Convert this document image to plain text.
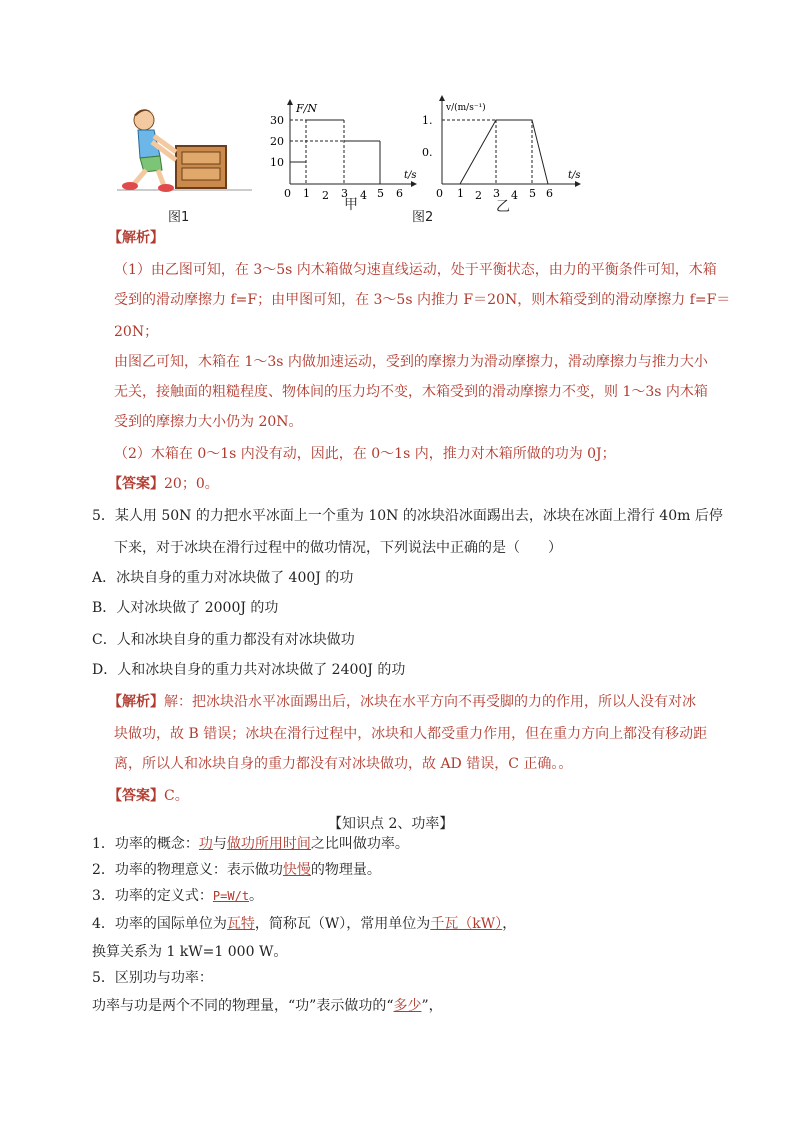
图1
F/N
t/s
30
20
10
0 1 2 3 4 5 6
甲
图2
v/(m/s⁻¹)
t/s
1.
0.
0 1 2 3 4 5 6
乙
【解析】
（1）由乙图可知，在 3～5s 内木箱做匀速直线运动，处于平衡状态，由力的平衡条件可知，木箱
受到的滑动摩擦力 f=F；由甲图可知，在 3～5s 内推力 F＝20N，则木箱受到的滑动摩擦力 f=F＝
20N；
由图乙可知，木箱在 1～3s 内做加速运动，受到的摩擦力为滑动摩擦力，滑动摩擦力与推力大小
无关，接触面的粗糙程度、物体间的压力均不变，木箱受到的滑动摩擦力不变，则 1～3s 内木箱
受到的摩擦力大小仍为 20N。
（2）木箱在 0～1s 内没有动，因此，在 0～1s 内，推力对木箱所做的功为 0J；
【答案】20；0。
5．某人用 50N 的力把水平冰面上一个重为 10N 的冰块沿冰面踢出去，冰块在冰面上滑行 40m 后停
下来，对于冰块在滑行过程中的做功情况，下列说法中正确的是（　　）
A．冰块自身的重力对冰块做了 400J 的功
B．人对冰块做了 2000J 的功
C．人和冰块自身的重力都没有对冰块做功
D．人和冰块自身的重力共对冰块做了 2400J 的功
【解析】解：把冰块沿水平冰面踢出后，冰块在水平方向不再受脚的力的作用，所以人没有对冰
块做功，故 B 错误；冰块在滑行过程中，冰块和人都受重力作用，但在重力方向上都没有移动距
离，所以人和冰块自身的重力都没有对冰块做功，故 AD 错误，C 正确。。
【答案】C。
【知识点 2、功率】
1．功率的概念：功与做功所用时间之比叫做功率。
2．功率的物理意义：表示做功快慢的物理量。
3．功率的定义式：P=W/t。
4．功率的国际单位为瓦特，简称瓦（W），常用单位为千瓦（kW），
换算关系为 1 kW=1 000 W。
5．区别功与功率：
功率与功是两个不同的物理量，“功”表示做功的“多少”，
